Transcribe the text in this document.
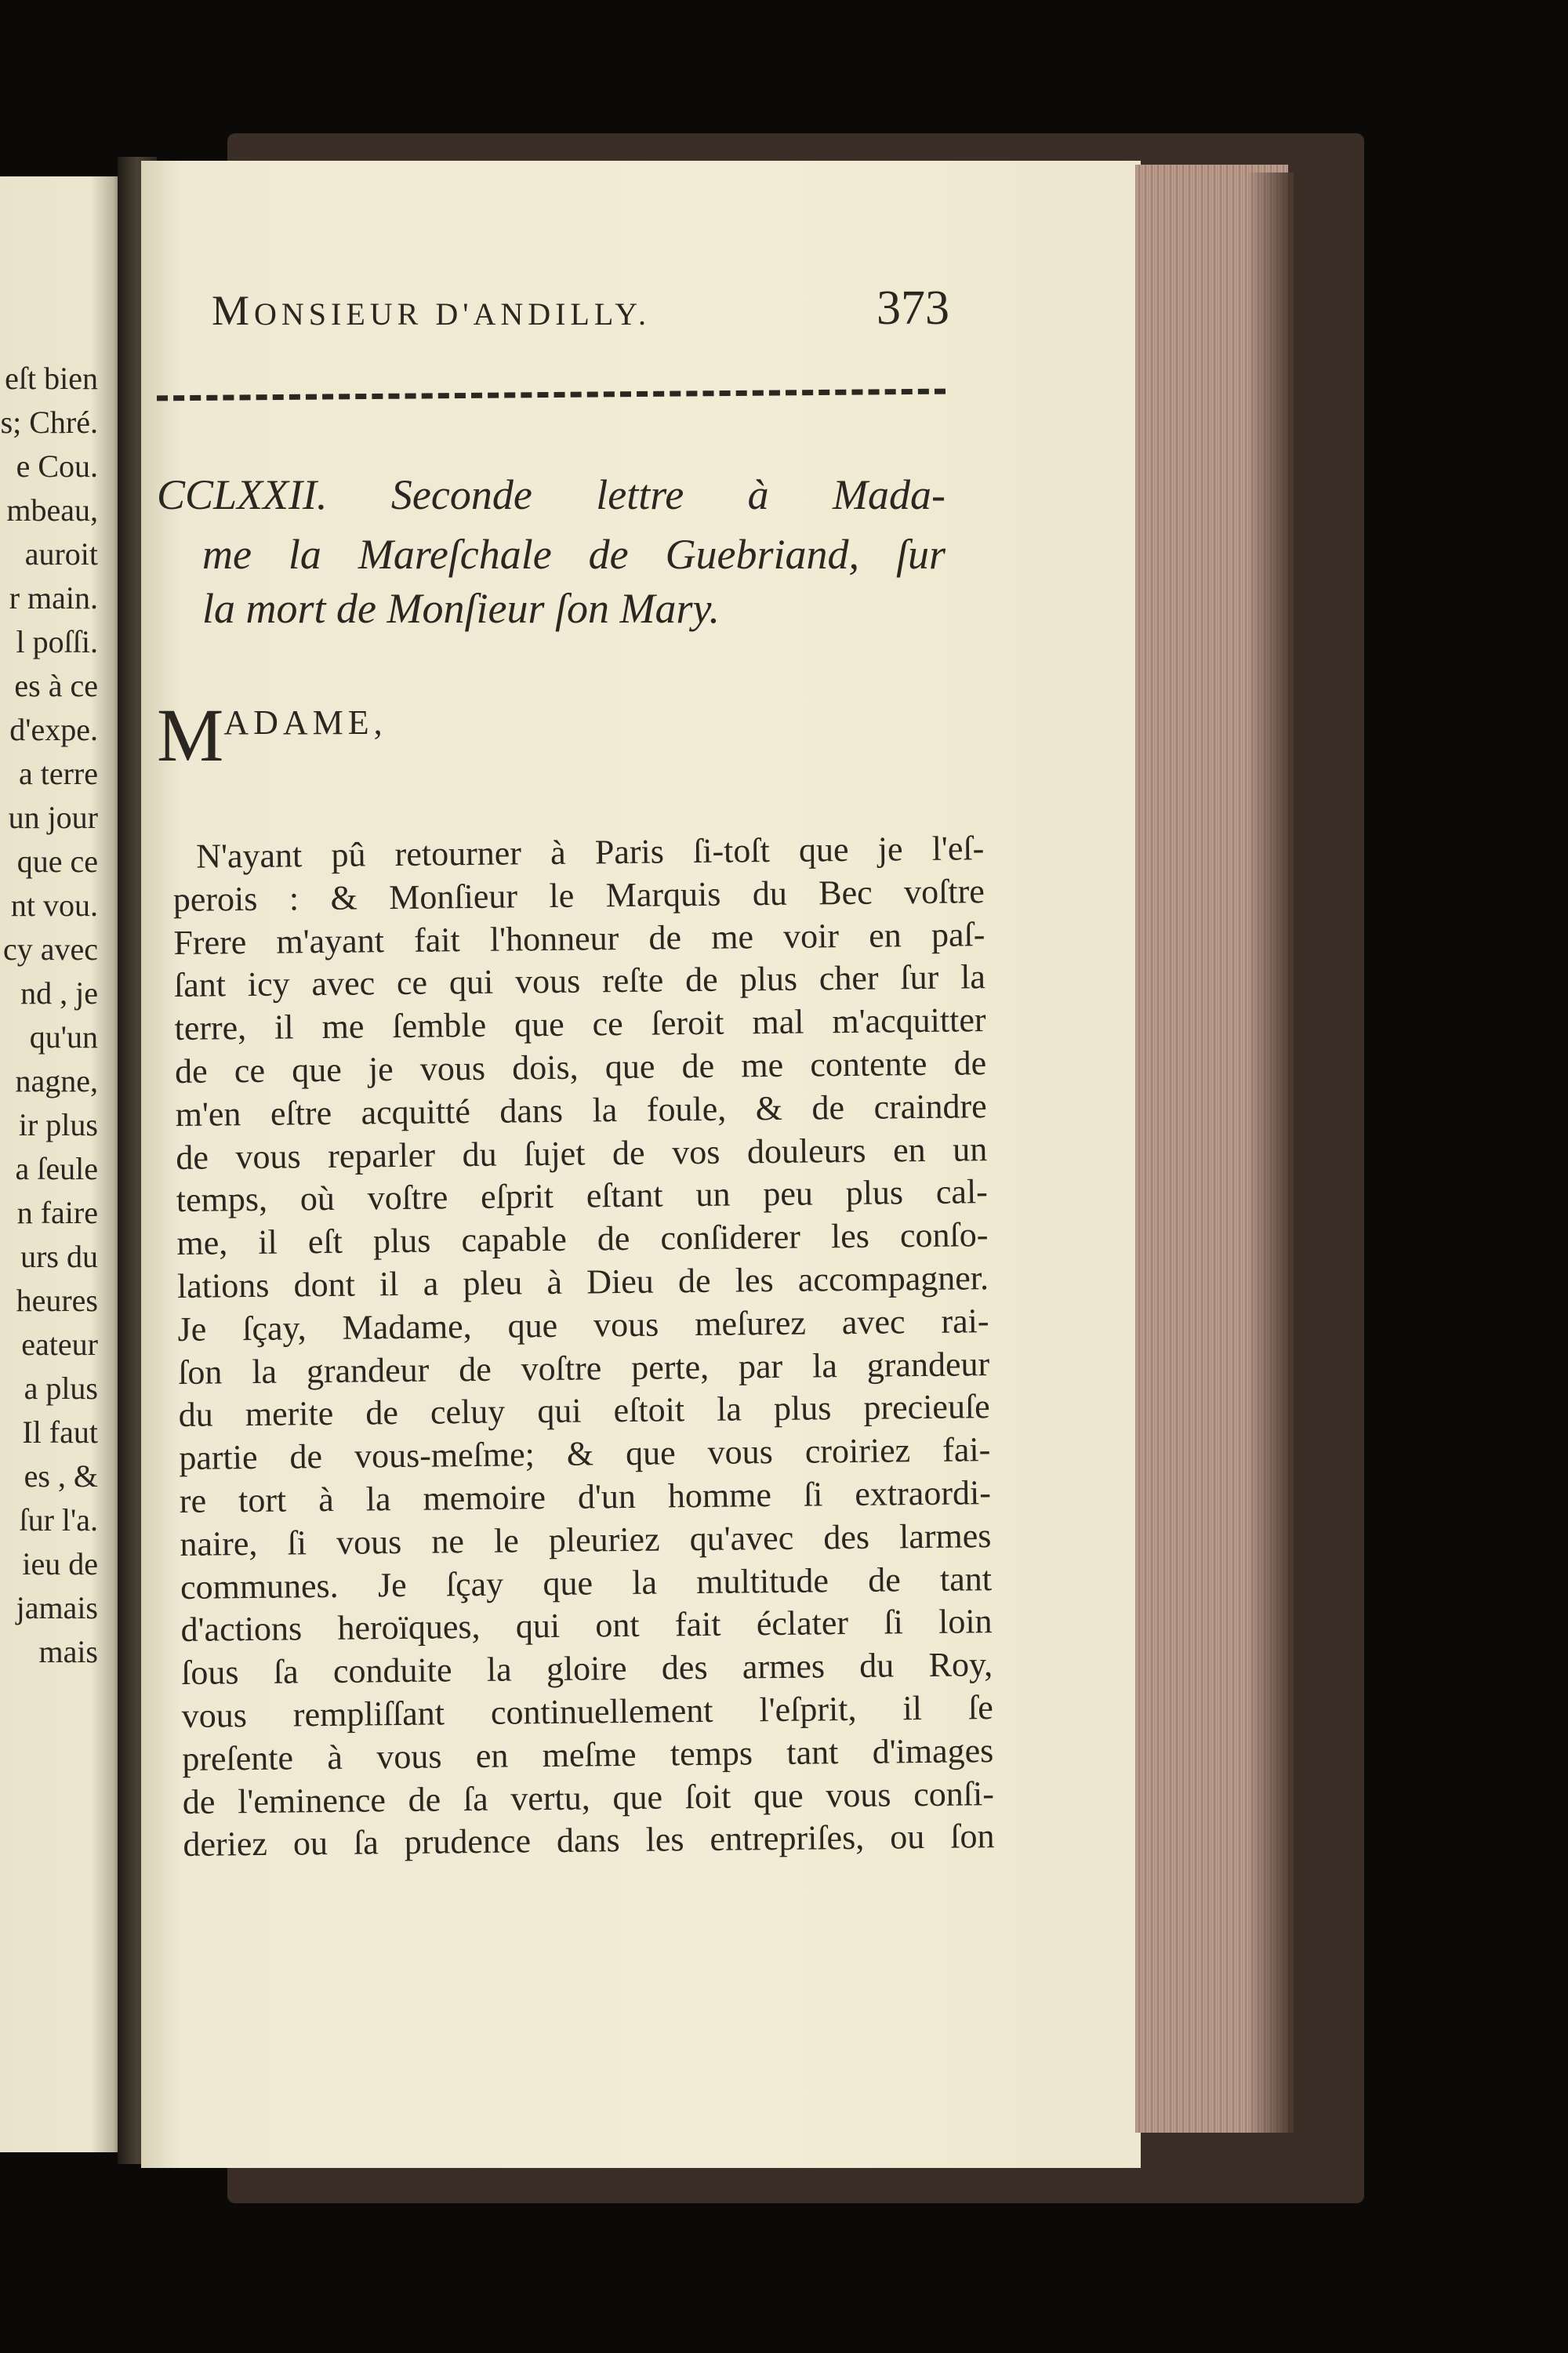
eſt bien
s; Chré.
e Cou.
mbeau,
auroit
r main.
l poſſi.
es à ce
d'expe.
a terre
un jour
que ce
nt vou.
cy avec
nd , je
qu'un
nagne,
ir plus
a ſeule
n faire
urs du
heures
eateur
a plus
Il faut
es , &
ſur l'a.
ieu de
jamais
mais
MONSIEUR D'ANDILLY.	373
CCLXXII. Seconde lettre à Mada-
me la Mareſchale de Guebriand, ſur
la mort de Monſieur ſon Mary.
MADAME,
N'ayant pû retourner à Paris ſi-toſt que je l'eſ-
perois : & Monſieur le Marquis du Bec voſtre
Frere m'ayant fait l'honneur de me voir en paſ-
ſant icy avec ce qui vous reſte de plus cher ſur la
terre, il me ſemble que ce ſeroit mal m'acquitter
de ce que je vous dois, que de me contente de
m'en eſtre acquitté dans la foule, & de craindre
de vous reparler du ſujet de vos douleurs en un
temps, où voſtre eſprit eſtant un peu plus cal-
me, il eſt plus capable de conſiderer les conſo-
lations dont il a pleu à Dieu de les accompagner.
Je ſçay, Madame, que vous meſurez avec rai-
ſon la grandeur de voſtre perte, par la grandeur
du merite de celuy qui eſtoit la plus precieuſe
partie de vous-meſme; & que vous croiriez fai-
re tort à la memoire d'un homme ſi extraordi-
naire, ſi vous ne le pleuriez qu'avec des larmes
communes. Je ſçay que la multitude de tant
d'actions heroïques, qui ont fait éclater ſi loin
ſous ſa conduite la gloire des armes du Roy,
vous rempliſſant continuellement l'eſprit, il ſe
preſente à vous en meſme temps tant d'images
de l'eminence de ſa vertu, que ſoit que vous conſi-
deriez ou ſa prudence dans les entrepriſes, ou ſon
